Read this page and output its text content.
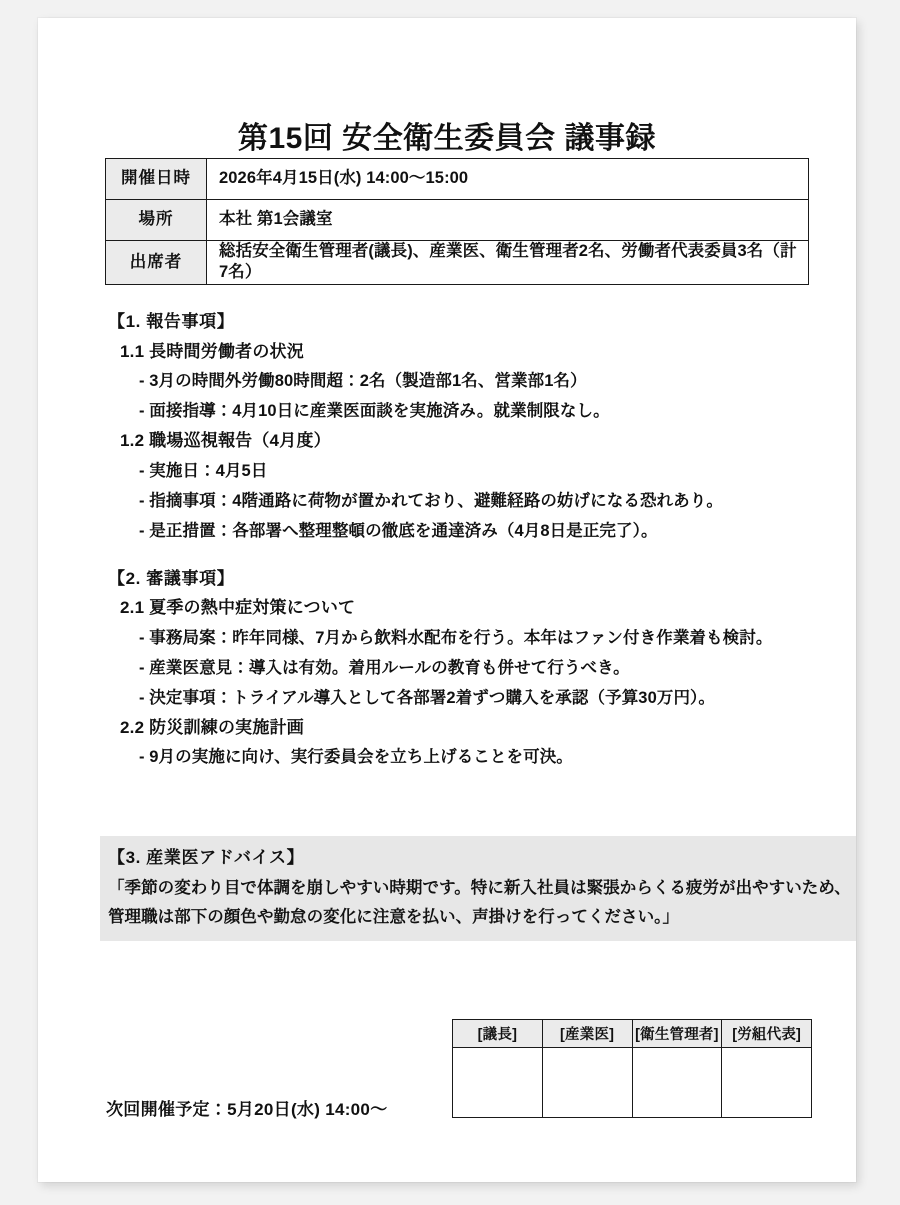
第15回 安全衛生委員会 議事録
開催日時	2026年4月15日(水) 14:00〜15:00
場所	本社 第1会議室
出席者	総括安全衛生管理者(議長)、産業医、衛生管理者2名、労働者代表委員3名（計7名）

【1. 報告事項】

1.1 長時間労働者の状況

- 3月の時間外労働80時間超：2名（製造部1名、営業部1名）

- 面接指導：4月10日に産業医面談を実施済み。就業制限なし。

1.2 職場巡視報告（4月度）

- 実施日：4月5日

- 指摘事項：4階通路に荷物が置かれており、避難経路の妨げになる恐れあり。

- 是正措置：各部署へ整理整頓の徹底を通達済み（4月8日是正完了）。

【2. 審議事項】

2.1 夏季の熱中症対策について

- 事務局案：昨年同様、7月から飲料水配布を行う。本年はファン付き作業着も検討。

- 産業医意見：導入は有効。着用ルールの教育も併せて行うべき。

- 決定事項：トライアル導入として各部署2着ずつ購入を承認（予算30万円）。

2.2 防災訓練の実施計画

- 9月の実施に向け、実行委員会を立ち上げることを可決。

【3. 産業医アドバイス】

「季節の変わり目で体調を崩しやすい時期です。特に新入社員は緊張からくる疲労が出やすいため、

管理職は部下の顔色や勤怠の変化に注意を払い、声掛けを行ってください。」

次回開催予定：5月20日(水) 14:00〜

[議長]	[産業医]	[衛生管理者]	[労組代表]
